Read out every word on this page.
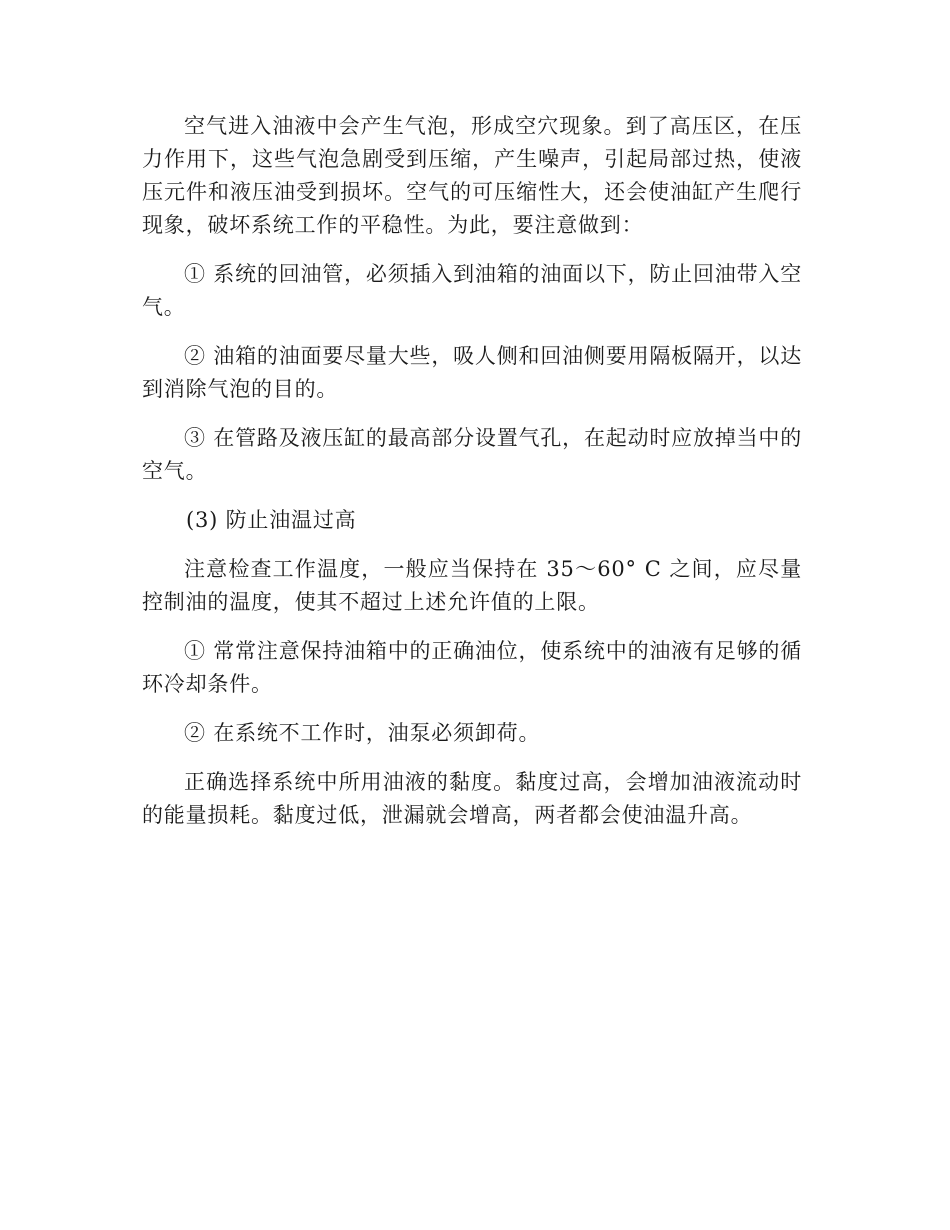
空气进入油液中会产生气泡，形成空穴现象。到了高压区，在压力作用下，这些气泡急剧受到压缩，产生噪声，引起局部过热，使液压元件和液压油受到损坏。空气的可压缩性大，还会使油缸产生爬行现象，破坏系统工作的平稳性。为此，要注意做到：

① 系统的回油管，必须插入到油箱的油面以下，防止回油带入空气。

② 油箱的油面要尽量大些，吸人侧和回油侧要用隔板隔开，以达到消除气泡的目的。

③ 在管路及液压缸的最高部分设置气孔，在起动时应放掉当中的空气。

(3) 防止油温过高

注意检查工作温度，一般应当保持在 35～60° C 之间，应尽量控制油的温度，使其不超过上述允许值的上限。

① 常常注意保持油箱中的正确油位，使系统中的油液有足够的循环冷却条件。

② 在系统不工作时，油泵必须卸荷。

正确选择系统中所用油液的黏度。黏度过高，会增加油液流动时的能量损耗。黏度过低，泄漏就会增高，两者都会使油温升高。
